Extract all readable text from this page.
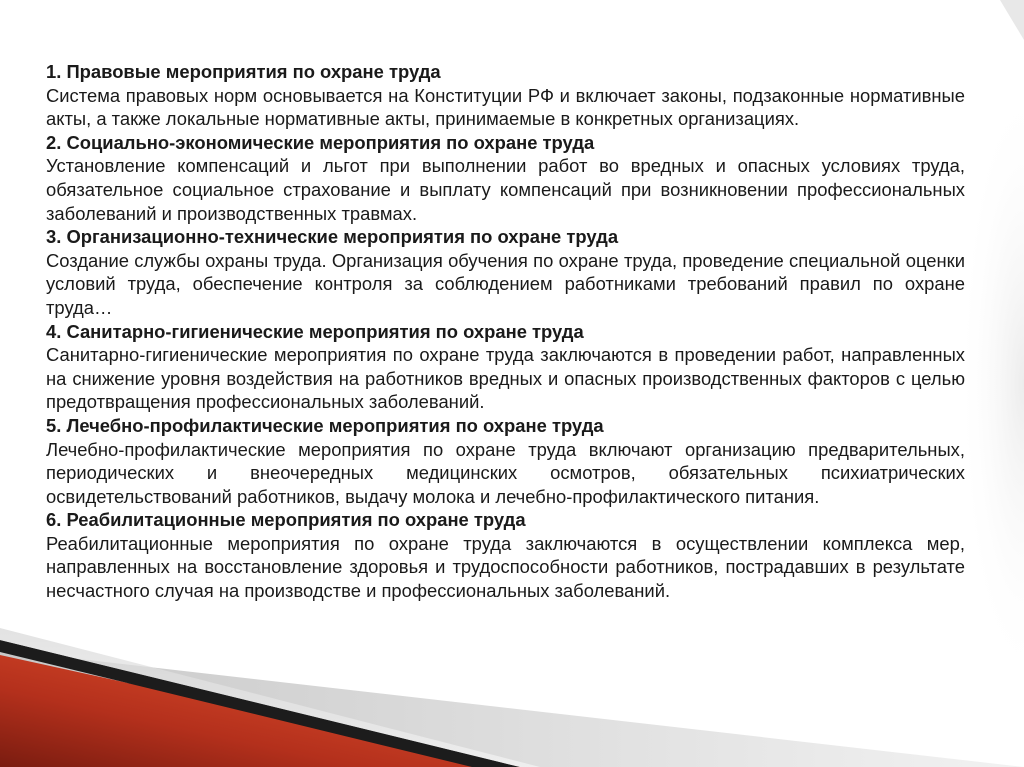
1. Правовые мероприятия по охране труда

Система правовых норм основывается на Конституции РФ и включает законы, подзаконные нормативные акты, а также локальные нормативные акты, принимаемые в конкретных организациях.

2. Социально-экономические мероприятия по охране труда

Установление компенсаций и льгот при выполнении работ во вредных и опасных условиях труда, обязательное социальное страхование и выплату компенсаций при возникновении профессиональных заболеваний и производственных травмах.

3. Организационно-технические мероприятия по охране труда

Создание службы охраны труда. Организация обучения по охране труда, проведение специальной оценки условий труда, обеспечение контроля за соблюдением работниками требований правил по охране труда…

4. Санитарно-гигиенические мероприятия по охране труда

Санитарно-гигиенические мероприятия по охране труда заключаются в проведении работ, направленных на снижение уровня воздействия на работников вредных и опасных производственных факторов с целью предотвращения профессиональных заболеваний.

5. Лечебно-профилактические мероприятия по охране труда

Лечебно-профилактические мероприятия по охране труда включают организацию предварительных, периодических и внеочередных медицинских осмотров, обязательных психиатрических освидетельствований работников, выдачу молока и лечебно-профилактического питания.

6. Реабилитационные мероприятия по охране труда

Реабилитационные мероприятия по охране труда заключаются в осуществлении комплекса мер, направленных на восстановление здоровья и трудоспособности работников, пострадавших в результате несчастного случая на производстве и профессиональных заболеваний.
